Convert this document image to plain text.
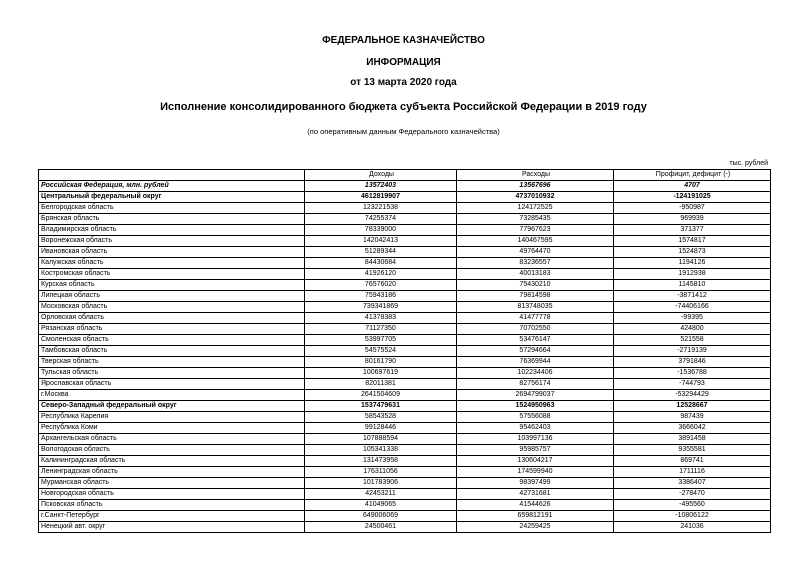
ФЕДЕРАЛЬНОЕ КАЗНАЧЕЙСТВО
ИНФОРМАЦИЯ
от 13 марта 2020 года
Исполнение консолидированного бюджета субъекта Российской Федерации в 2019 году
(по оперативным данным Федерального казначейства)
тыс. рублей
	Доходы	Расходы	Профицит, дефицит (-)
Российская Федерация, млн. рублей	13572403	13567696	4707
Центральный федеральный округ	4612819907	4737010932	-124191025
Белгородская область	123221538	124172525	-950987
Брянская область	74255374	73285435	969939
Владимирская область	78339000	77967623	371377
Воронежская область	142042413	140467595	1574817
Ивановская область	51289344	49764470	1524873
Калужская область	84430684	83236557	1194126
Костромская область	41926120	40013183	1912938
Курская область	76576020	75430210	1145810
Липецкая область	75943186	79814598	-3871412
Московская область	739341869	813748035	-74406166
Орловская область	41378383	41477778	-99395
Рязанская область	71127350	70702550	424800
Смоленская область	53997705	53476147	521558
Тамбовская область	54575524	57294664	-2719139
Тверская область	80161790	76369944	3791846
Тульская область	100697619	102234406	-1536788
Ярославская область	82011381	82756174	-744793
г.Москва	2641504609	2694799037	-53294429
Северо-Западный федеральный округ	1537479631	1524950963	12528667
Республика Карелия	58543528	57556088	987439
Республика Коми	99128446	95462403	3666042
Архангельская область	107888594	103997136	3891458
Вологодская область	105341338	95985757	9355581
Калининградская область	131473958	130604217	869741
Ленинградская область	176311056	174599940	1711116
Мурманская область	101783906	98397499	3386407
Новгородская область	42453211	42731681	-278470
Псковская область	41049065	41544626	-495560
г.Санкт-Петербург	649006069	659812191	-10806122
Ненецкий авт. округ	24500461	24259425	241036
